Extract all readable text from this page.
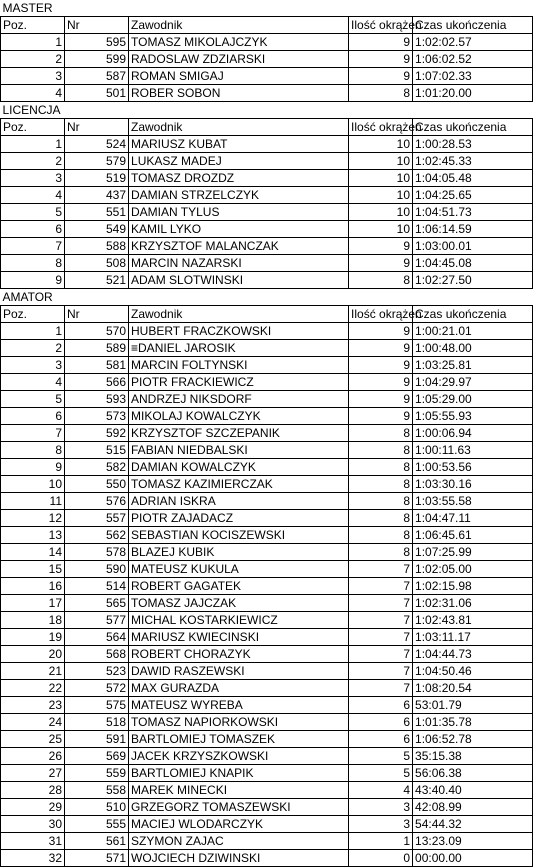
MASTER				
Poz.	Nr	Zawodnik	Ilość okrążeń	Czas ukończenia
1	595	TOMASZ MIKOLAJCZYK	9	1:02:02.57
2	599	RADOSLAW ZDZIARSKI	9	1:06:02.52
3	587	ROMAN SMIGAJ	9	1:07:02.33
4	501	ROBER SOBON	8	1:01:20.00
LICENCJA				
Poz.	Nr	Zawodnik	Ilość okrążeń	Czas ukończenia
1	524	MARIUSZ KUBAT	10	1:00:28.53
2	579	LUKASZ MADEJ	10	1:02:45.33
3	519	TOMASZ DROZDZ	10	1:04:05.48
4	437	DAMIAN STRZELCZYK	10	1:04:25.65
5	551	DAMIAN TYLUS	10	1:04:51.73
6	549	KAMIL LYKO	10	1:06:14.59
7	588	KRZYSZTOF MALANCZAK	9	1:03:00.01
8	508	MARCIN NAZARSKI	9	1:04:45.08
9	521	ADAM SLOTWINSKI	8	1:02:27.50
AMATOR				
Poz.	Nr	Zawodnik	Ilość okrążeń	Czas ukończenia
1	570	HUBERT FRACZKOWSKI	9	1:00:21.01
2	589	≡DANIEL JAROSIK	9	1:00:48.00
3	581	MARCIN FOLTYNSKI	9	1:03:25.81
4	566	PIOTR FRACKIEWICZ	9	1:04:29.97
5	593	ANDRZEJ NIKSDORF	9	1:05:29.00
6	573	MIKOLAJ KOWALCZYK	9	1:05:55.93
7	592	KRZYSZTOF SZCZEPANIK	8	1:00:06.94
8	515	FABIAN NIEDBALSKI	8	1:00:11.63
9	582	DAMIAN KOWALCZYK	8	1:00:53.56
10	550	TOMASZ KAZIMIERCZAK	8	1:03:30.16
11	576	ADRIAN ISKRA	8	1:03:55.58
12	557	PIOTR ZAJADACZ	8	1:04:47.11
13	562	SEBASTIAN KOCISZEWSKI	8	1:06:45.61
14	578	BLAZEJ KUBIK	8	1:07:25.99
15	590	MATEUSZ KUKULA	7	1:02:05.00
16	514	ROBERT GAGATEK	7	1:02:15.98
17	565	TOMASZ JAJCZAK	7	1:02:31.06
18	577	MICHAL KOSTARKIEWICZ	7	1:02:43.81
19	564	MARIUSZ KWIECINSKI	7	1:03:11.17
20	568	ROBERT CHORAZYK	7	1:04:44.73
21	523	DAWID RASZEWSKI	7	1:04:50.46
22	572	MAX GURAZDA	7	1:08:20.54
23	575	MATEUSZ WYREBA	6	53:01.79
24	518	TOMASZ NAPIORKOWSKI	6	1:01:35.78
25	591	BARTLOMIEJ TOMASZEK	6	1:06:52.78
26	569	JACEK KRZYSZKOWSKI	5	35:15.38
27	559	BARTLOMIEJ KNAPIK	5	56:06.38
28	558	MAREK MINECKI	4	43:40.40
29	510	GRZEGORZ TOMASZEWSKI	3	42:08.99
30	555	MACIEJ WLODARCZYK	3	54:44.32
31	561	SZYMON ZAJAC	1	13:23.09
32	571	WOJCIECH DZIWINSKI	0	00:00.00
